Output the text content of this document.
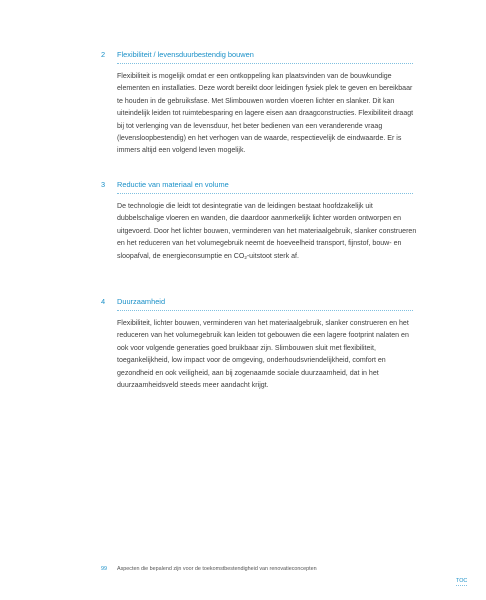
2 Flexibiliteit / levensduurbestendig bouwen
Flexibiliteit is mogelijk omdat er een ontkoppeling kan plaatsvinden van de bouwkundige elementen en installaties. Deze wordt bereikt door leidingen fysiek plek te geven en bereikbaar te houden in de gebruiksfase. Met Slimbouwen worden vloeren lichter en slanker. Dit kan uiteindelijk leiden tot ruimtebesparing en lagere eisen aan draagconstructies. Flexibiliteit draagt bij tot verlenging van de levensduur, het beter bedienen van een veranderende vraag (levensloopbestendig) en het verhogen van de waarde, respectievelijk de eindwaarde. Er is immers altijd een volgend leven mogelijk.
3 Reductie van materiaal en volume
De technologie die leidt tot desintegratie van de leidingen bestaat hoofdzakelijk uit dubbelschalige vloeren en wanden, die daardoor aanmerkelijk lichter worden ontworpen en uitgevoerd. Door het lichter bouwen, verminderen van het materiaalgebruik, slanker construeren en het reduceren van het volumegebruik neemt de hoeveelheid transport, fijnstof, bouw- en sloopafval, de energieconsumptie en $CO_2$-uitstoot sterk af.
4 Duurzaamheid
Flexibiliteit, lichter bouwen, verminderen van het materiaalgebruik, slanker construeren en het reduceren van het volumegebruik kan leiden tot gebouwen die een lagere footprint nalaten en ook voor volgende generaties goed bruikbaar zijn. Slimbouwen sluit met flexibiliteit, toegankelijkheid, low impact voor de omgeving, onderhoudsvriendelijkheid, comfort en gezondheid en ook veiligheid, aan bij zogenaamde sociale duurzaamheid, dat in het duurzaamheidsveld steeds meer aandacht krijgt.
99 Aspecten die bepalend zijn voor de toekomstbestendigheid van renovatieconcepten
TOC
